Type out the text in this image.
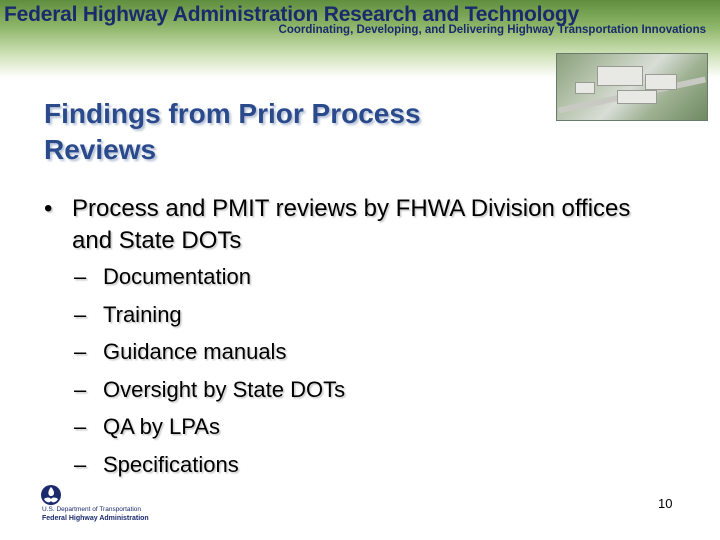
Federal Highway Administration Research and Technology
Coordinating, Developing, and Delivering Highway Transportation Innovations
Findings from Prior Process Reviews
• Process and PMIT reviews by FHWA Division offices and State DOTs
– Documentation
– Training
– Guidance manuals
– Oversight by State DOTs
– QA by LPAs
– Specifications
U.S. Department of Transportation
Federal Highway Administration
10
